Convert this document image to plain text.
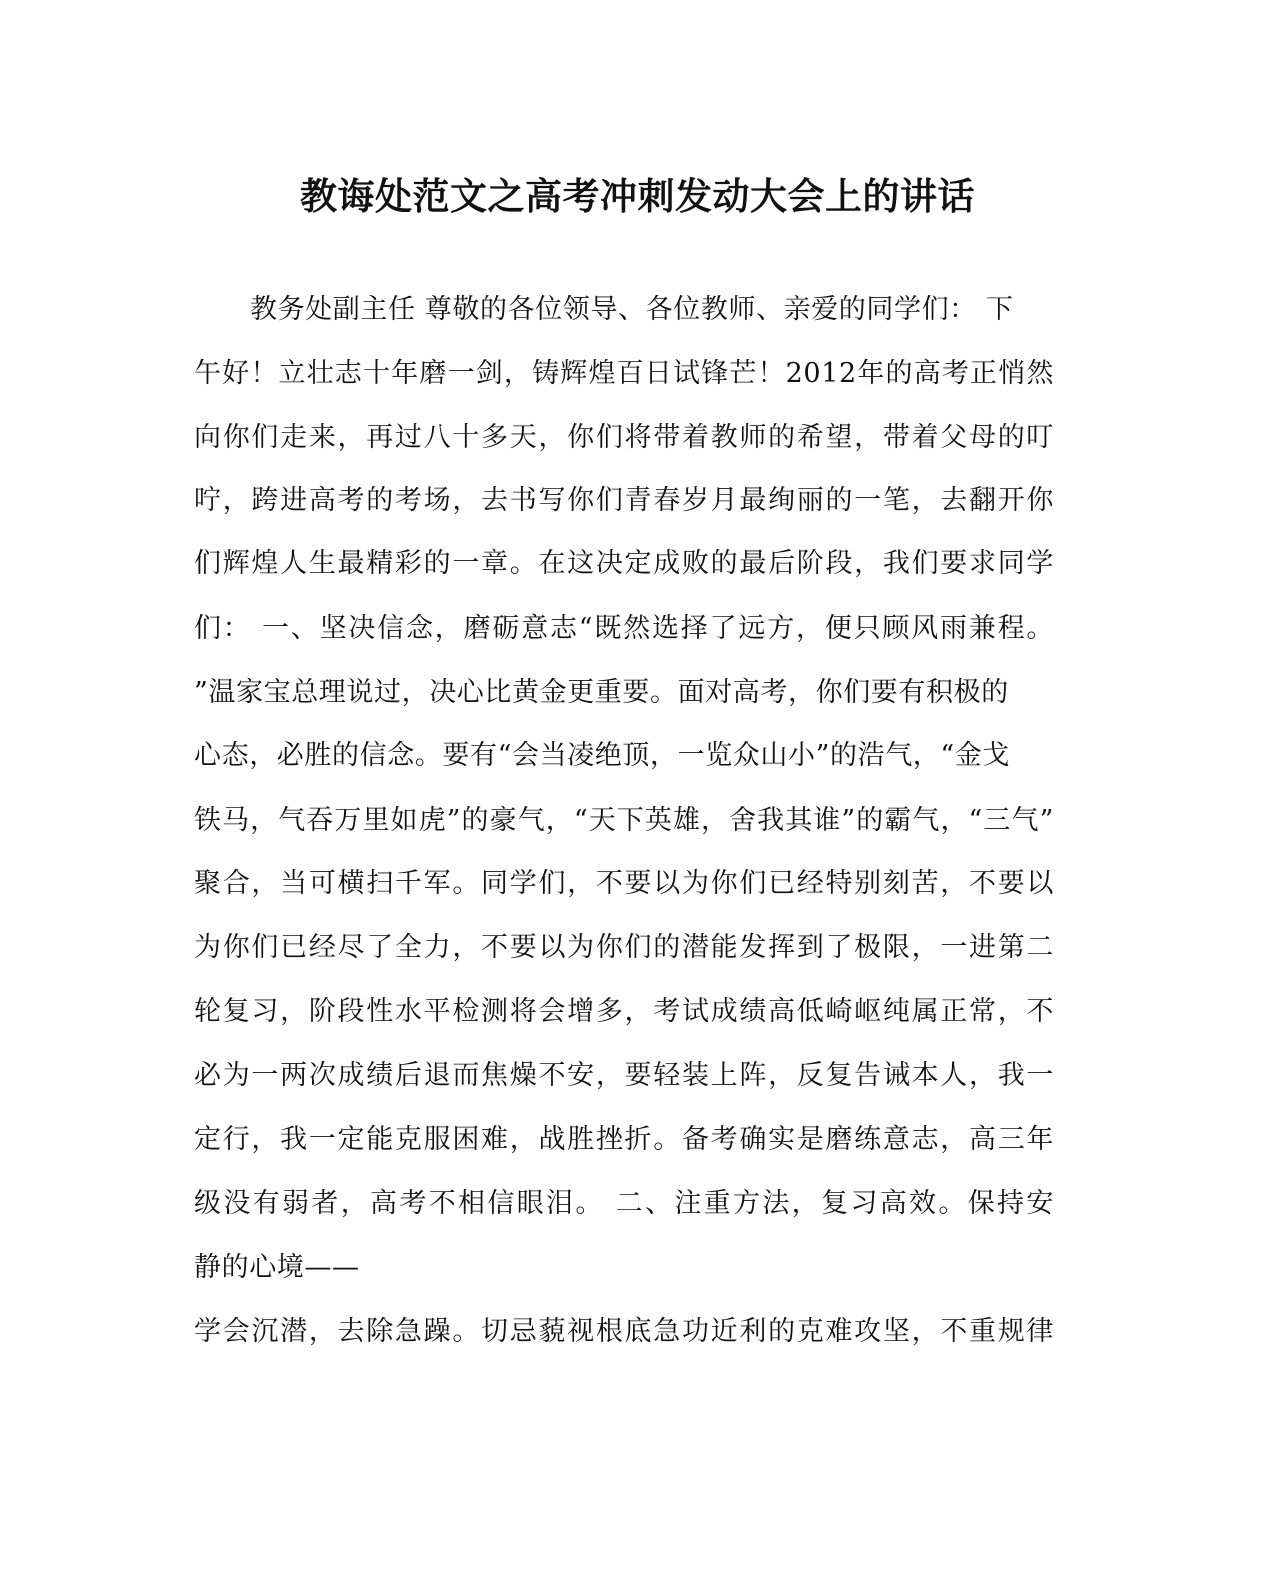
教诲处范文之高考冲刺发动大会上的讲话
教务处副主任 尊敬的各位领导、各位教师、亲爱的同学们： 下
午好！立壮志十年磨一剑，铸辉煌百日试锋芒！2012年的高考正悄然
向你们走来，再过八十多天，你们将带着教师的希望，带着父母的叮
咛，跨进高考的考场，去书写你们青春岁月最绚丽的一笔，去翻开你
们辉煌人生最精彩的一章。在这决定成败的最后阶段，我们要求同学
们： 一、坚决信念，磨砺意志“既然选择了远方，便只顾风雨兼程。
”温家宝总理说过，决心比黄金更重要。面对高考，你们要有积极的
心态，必胜的信念。要有“会当凌绝顶，一览众山小”的浩气，“金戈
铁马，气吞万里如虎”的豪气，“天下英雄，舍我其谁”的霸气，“三气”
聚合，当可横扫千军。同学们，不要以为你们已经特别刻苦，不要以
为你们已经尽了全力，不要以为你们的潜能发挥到了极限，一进第二
轮复习，阶段性水平检测将会增多，考试成绩高低崎岖纯属正常，不
必为一两次成绩后退而焦燥不安，要轻装上阵，反复告诫本人，我一
定行，我一定能克服困难，战胜挫折。备考确实是磨练意志，高三年
级没有弱者，高考不相信眼泪。 二、注重方法，复习高效。保持安
静的心境——
学会沉潜，去除急躁。切忌藐视根底急功近利的克难攻坚，不重规律
